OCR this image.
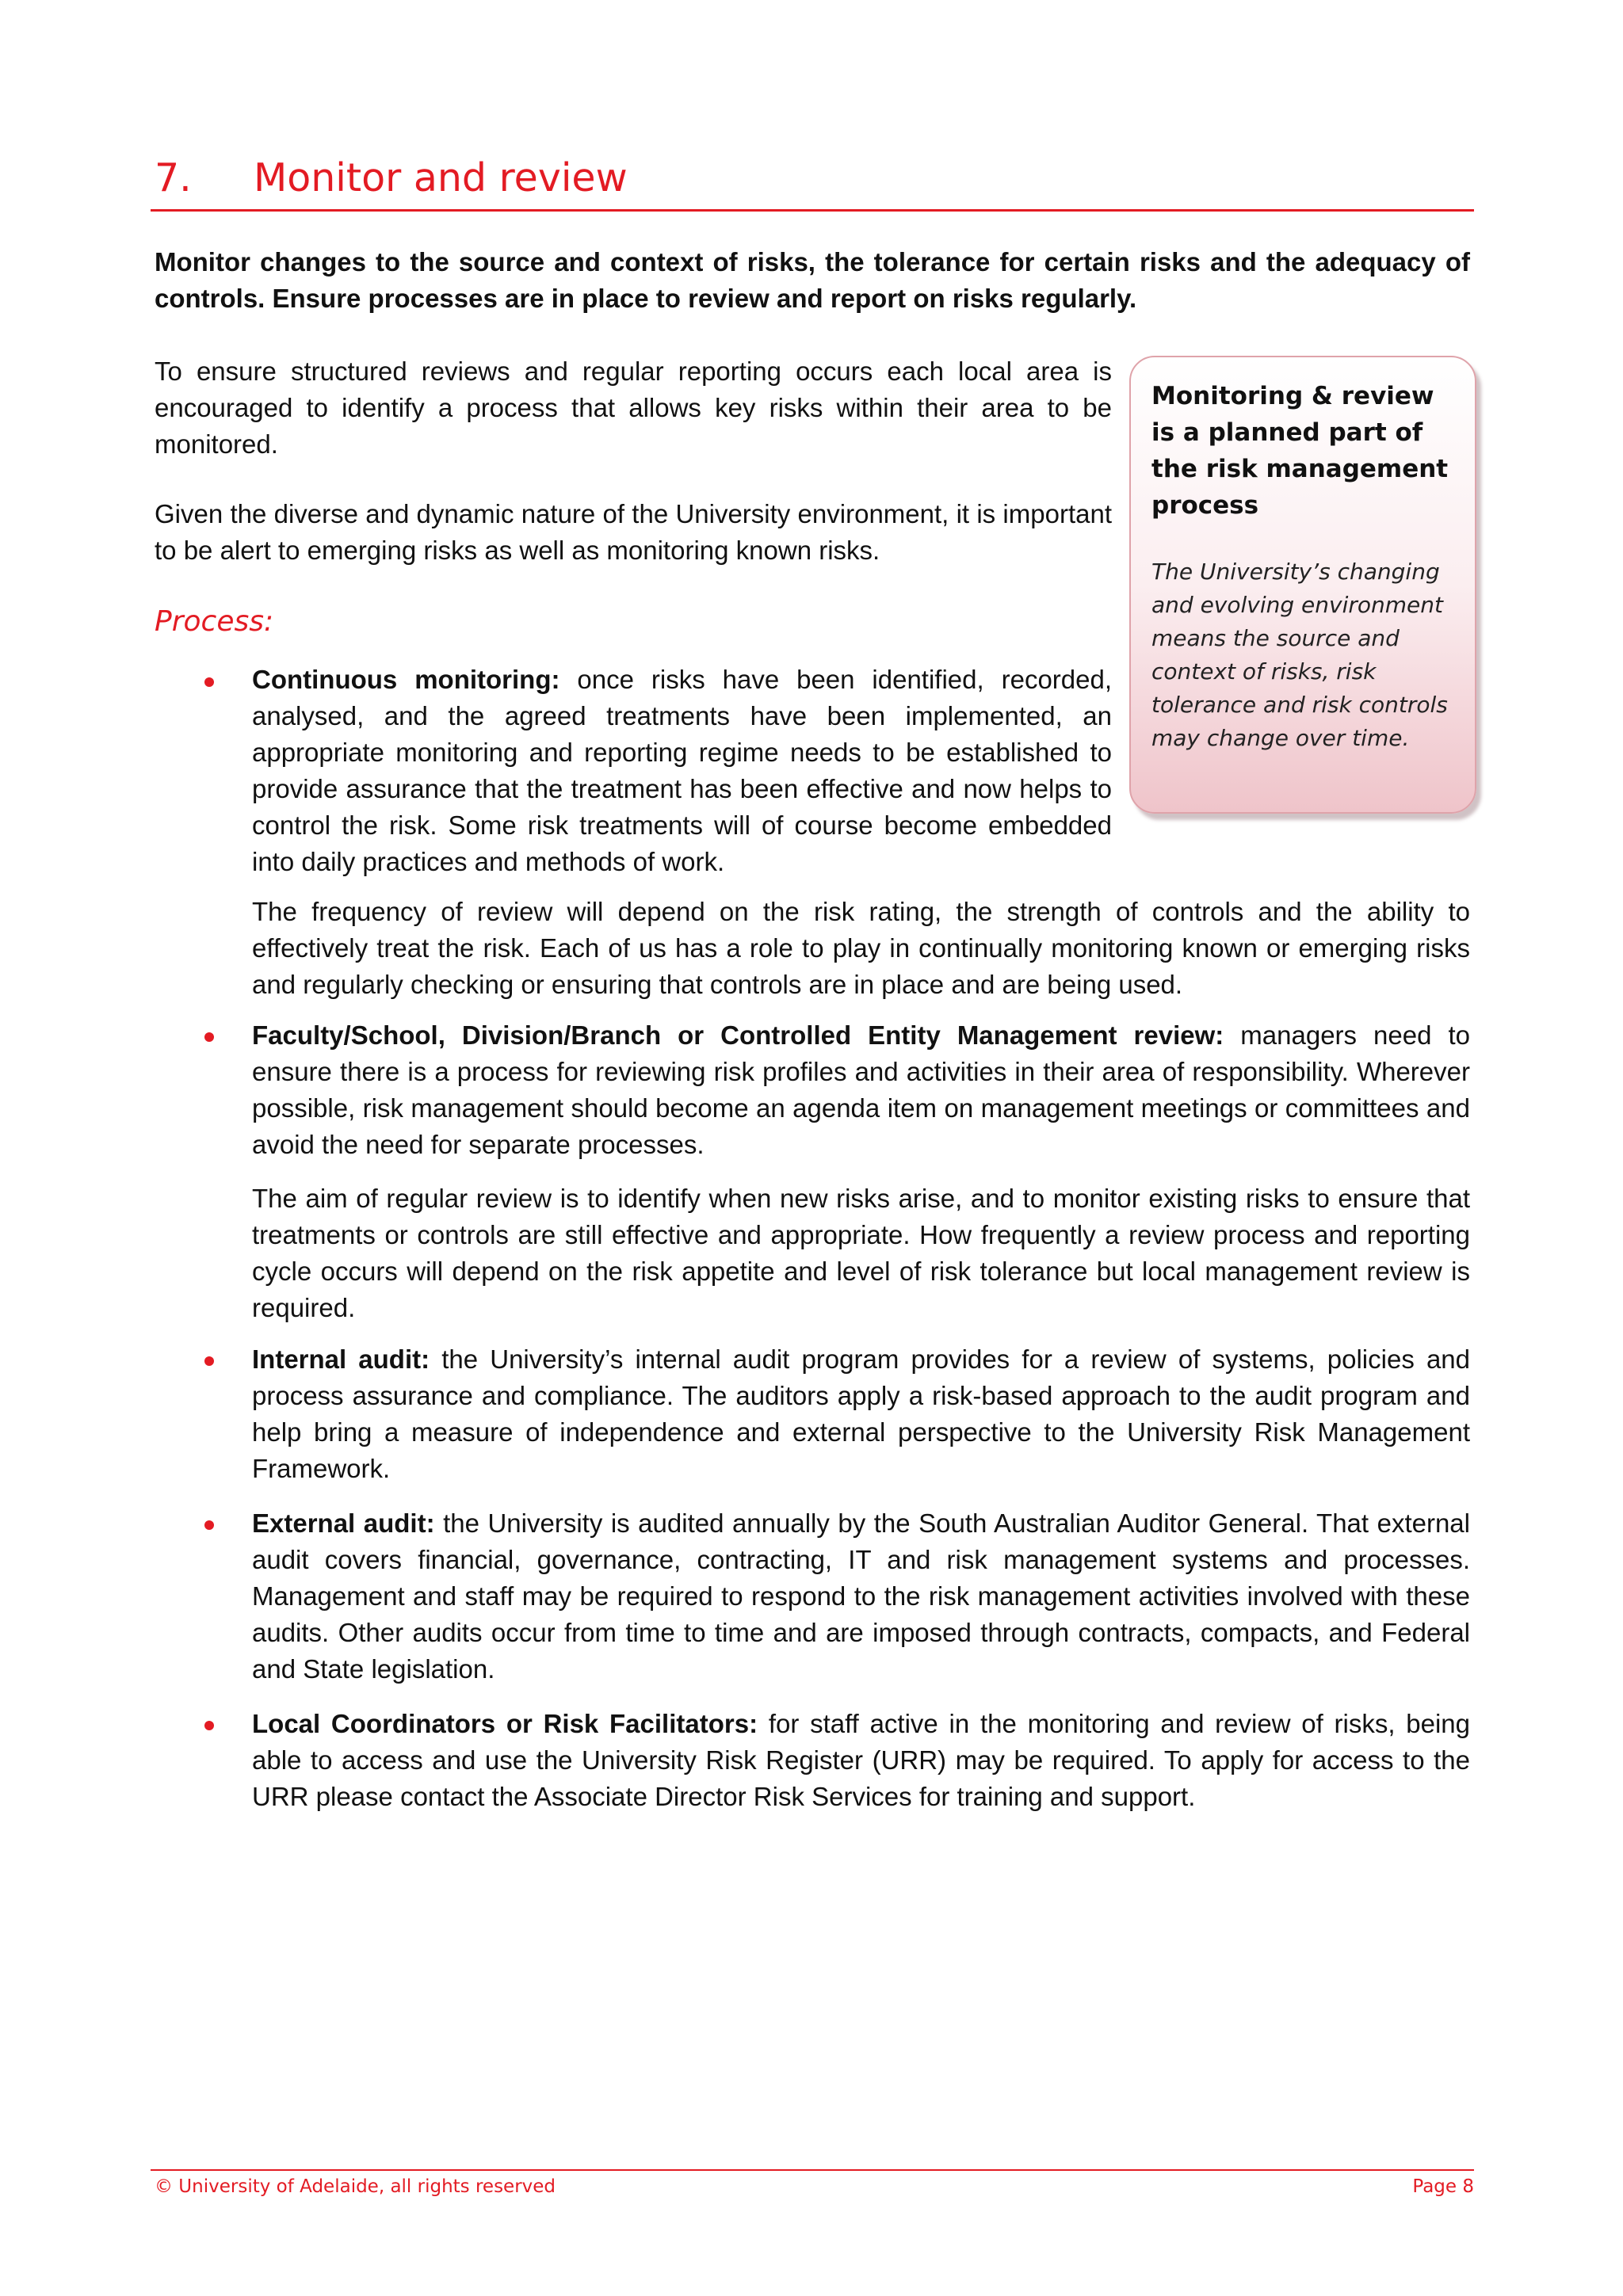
7. Monitor and review
Monitor changes to the source and context of risks, the tolerance for certain risks and the adequacy of controls. Ensure processes are in place to review and report on risks regularly.
To ensure structured reviews and regular reporting occurs each local area is encouraged to identify a process that allows key risks within their area to be monitored.
Given the diverse and dynamic nature of the University environment, it is important to be alert to emerging risks as well as monitoring known risks.
Process:
Continuous monitoring: once risks have been identified, recorded, analysed, and the agreed treatments have been implemented, an appropriate monitoring and reporting regime needs to be established to provide assurance that the treatment has been effective and now helps to control the risk. Some risk treatments will of course become embedded into daily practices and methods of work.
The frequency of review will depend on the risk rating, the strength of controls and the ability to effectively treat the risk. Each of us has a role to play in continually monitoring known or emerging risks and regularly checking or ensuring that controls are in place and are being used.
Faculty/School, Division/Branch or Controlled Entity Management review: managers need to ensure there is a process for reviewing risk profiles and activities in their area of responsibility. Wherever possible, risk management should become an agenda item on management meetings or committees and avoid the need for separate processes.
The aim of regular review is to identify when new risks arise, and to monitor existing risks to ensure that treatments or controls are still effective and appropriate. How frequently a review process and reporting cycle occurs will depend on the risk appetite and level of risk tolerance but local management review is required.
Internal audit: the University’s internal audit program provides for a review of systems, policies and process assurance and compliance. The auditors apply a risk-based approach to the audit program and help bring a measure of independence and external perspective to the University Risk Management Framework.
External audit: the University is audited annually by the South Australian Auditor General. That external audit covers financial, governance, contracting, IT and risk management systems and processes. Management and staff may be required to respond to the risk management activities involved with these audits. Other audits occur from time to time and are imposed through contracts, compacts, and Federal and State legislation.
Local Coordinators or Risk Facilitators: for staff active in the monitoring and review of risks, being able to access and use the University Risk Register (URR) may be required. To apply for access to the URR please contact the Associate Director Risk Services for training and support.
Monitoring & review is a planned part of the risk management process
The University’s changing and evolving environment means the source and context of risks, risk tolerance and risk controls may change over time.
© University of Adelaide, all rights reserved	Page 8
